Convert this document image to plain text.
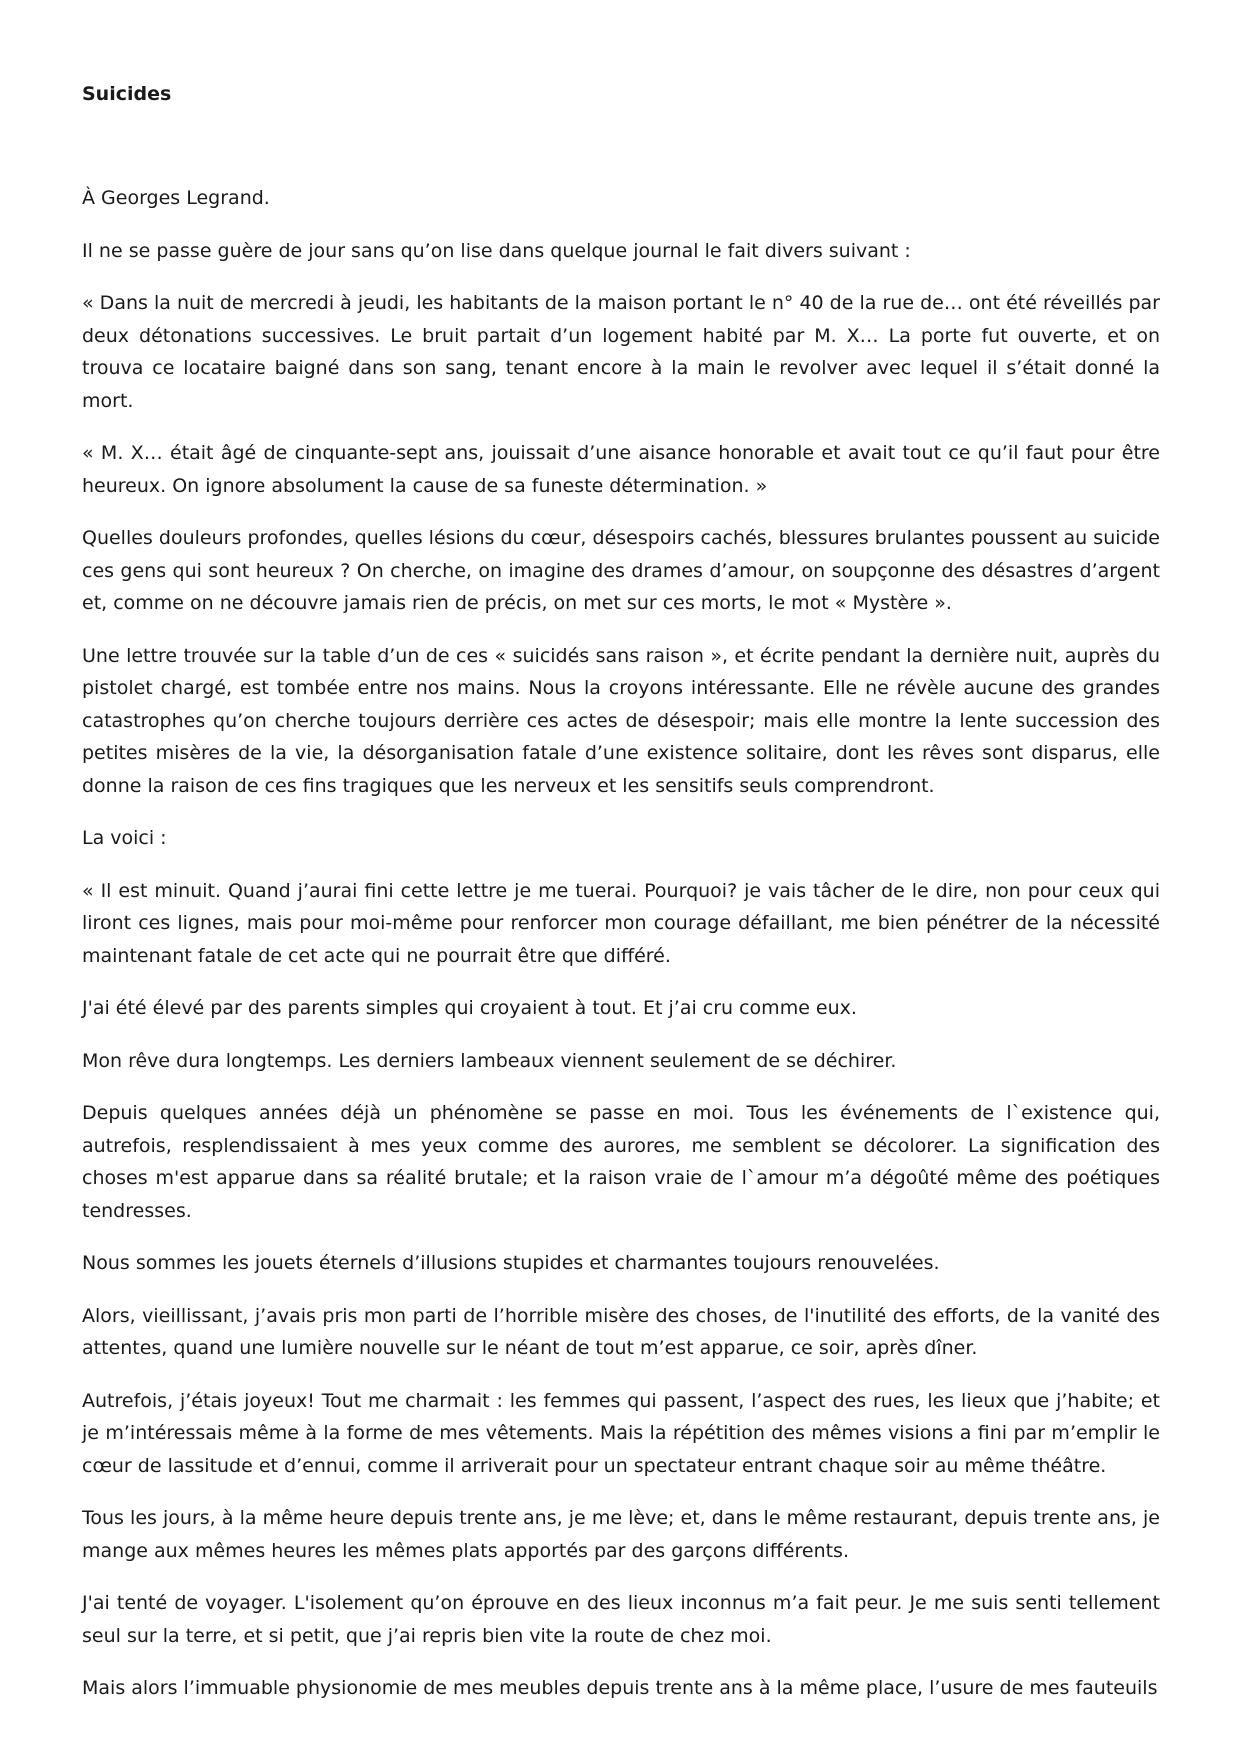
Suicides

À Georges Legrand.

Il ne se passe guère de jour sans qu’on lise dans quelque journal le fait divers suivant :

« Dans la nuit de mercredi à jeudi, les habitants de la maison portant le n° 40 de la rue de… ont été réveillés par deux détonations successives. Le bruit partait d’un logement habité par M. X… La porte fut ouverte, et on trouva ce locataire baigné dans son sang, tenant encore à la main le revolver avec lequel il s’était donné la mort.

« M. X… était âgé de cinquante-sept ans, jouissait d’une aisance honorable et avait tout ce qu’il faut pour être heureux. On ignore absolument la cause de sa funeste détermination. »

Quelles douleurs profondes, quelles lésions du cœur, désespoirs cachés, blessures brulantes poussent au suicide ces gens qui sont heureux ? On cherche, on imagine des drames d’amour, on soupçonne des désastres d’argent et, comme on ne découvre jamais rien de précis, on met sur ces morts, le mot « Mystère ».

Une lettre trouvée sur la table d’un de ces « suicidés sans raison », et écrite pendant la dernière nuit, auprès du pistolet chargé, est tombée entre nos mains. Nous la croyons intéressante. Elle ne révèle aucune des grandes catastrophes qu’on cherche toujours derrière ces actes de désespoir; mais elle montre la lente succession des petites misères de la vie, la désorganisation fatale d’une existence solitaire, dont les rêves sont disparus, elle donne la raison de ces fins tragiques que les nerveux et les sensitifs seuls comprendront.

La voici :

« Il est minuit. Quand j’aurai fini cette lettre je me tuerai. Pourquoi? je vais tâcher de le dire, non pour ceux qui liront ces lignes, mais pour moi-même pour renforcer mon courage défaillant, me bien pénétrer de la nécessité maintenant fatale de cet acte qui ne pourrait être que différé.

J'ai été élevé par des parents simples qui croyaient à tout. Et j’ai cru comme eux.

Mon rêve dura longtemps. Les derniers lambeaux viennent seulement de se déchirer.

Depuis quelques années déjà un phénomène se passe en moi. Tous les événements de l`existence qui, autrefois, resplendissaient à mes yeux comme des aurores, me semblent se décolorer. La signification des choses m'est apparue dans sa réalité brutale; et la raison vraie de l`amour m’a dégoûté même des poétiques tendresses.

Nous sommes les jouets éternels d’illusions stupides et charmantes toujours renouvelées.

Alors, vieillissant, j’avais pris mon parti de l’horrible misère des choses, de l'inutilité des efforts, de la vanité des attentes, quand une lumière nouvelle sur le néant de tout m’est apparue, ce soir, après dîner.

Autrefois, j’étais joyeux! Tout me charmait : les femmes qui passent, l’aspect des rues, les lieux que j’habite; et je m’intéressais même à la forme de mes vêtements. Mais la répétition des mêmes visions a fini par m’emplir le cœur de lassitude et d’ennui, comme il arriverait pour un spectateur entrant chaque soir au même théâtre.

Tous les jours, à la même heure depuis trente ans, je me lève; et, dans le même restaurant, depuis trente ans, je mange aux mêmes heures les mêmes plats apportés par des garçons différents.

J'ai tenté de voyager. L'isolement qu’on éprouve en des lieux inconnus m’a fait peur. Je me suis senti tellement seul sur la terre, et si petit, que j’ai repris bien vite la route de chez moi.

Mais alors l’immuable physionomie de mes meubles depuis trente ans à la même place, l’usure de mes fauteuils
